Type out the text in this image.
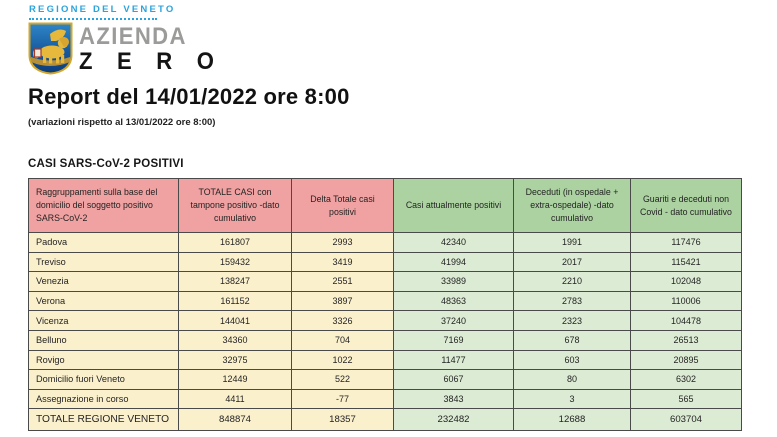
REGIONE DEL VENETO
AZIENDA
Z E R O
Report del 14/01/2022 ore 8:00
(variazioni rispetto al 13/01/2022 ore 8:00)
CASI SARS-CoV-2 POSITIVI
Raggruppamenti sulla base del domicilio del soggetto positivo SARS-CoV-2	TOTALE CASI con tampone positivo -dato cumulativo	Delta Totale casi positivi	Casi attualmente positivi	Deceduti (in ospedale + extra-ospedale) -dato cumulativo	Guariti e deceduti non Covid - dato cumulativo
Padova	161807	2993	42340	1991	117476
Treviso	159432	3419	41994	2017	115421
Venezia	138247	2551	33989	2210	102048
Verona	161152	3897	48363	2783	110006
Vicenza	144041	3326	37240	2323	104478
Belluno	34360	704	7169	678	26513
Rovigo	32975	1022	11477	603	20895
Domicilio fuori Veneto	12449	522	6067	80	6302
Assegnazione in corso	4411	-77	3843	3	565
TOTALE REGIONE VENETO	848874	18357	232482	12688	603704
